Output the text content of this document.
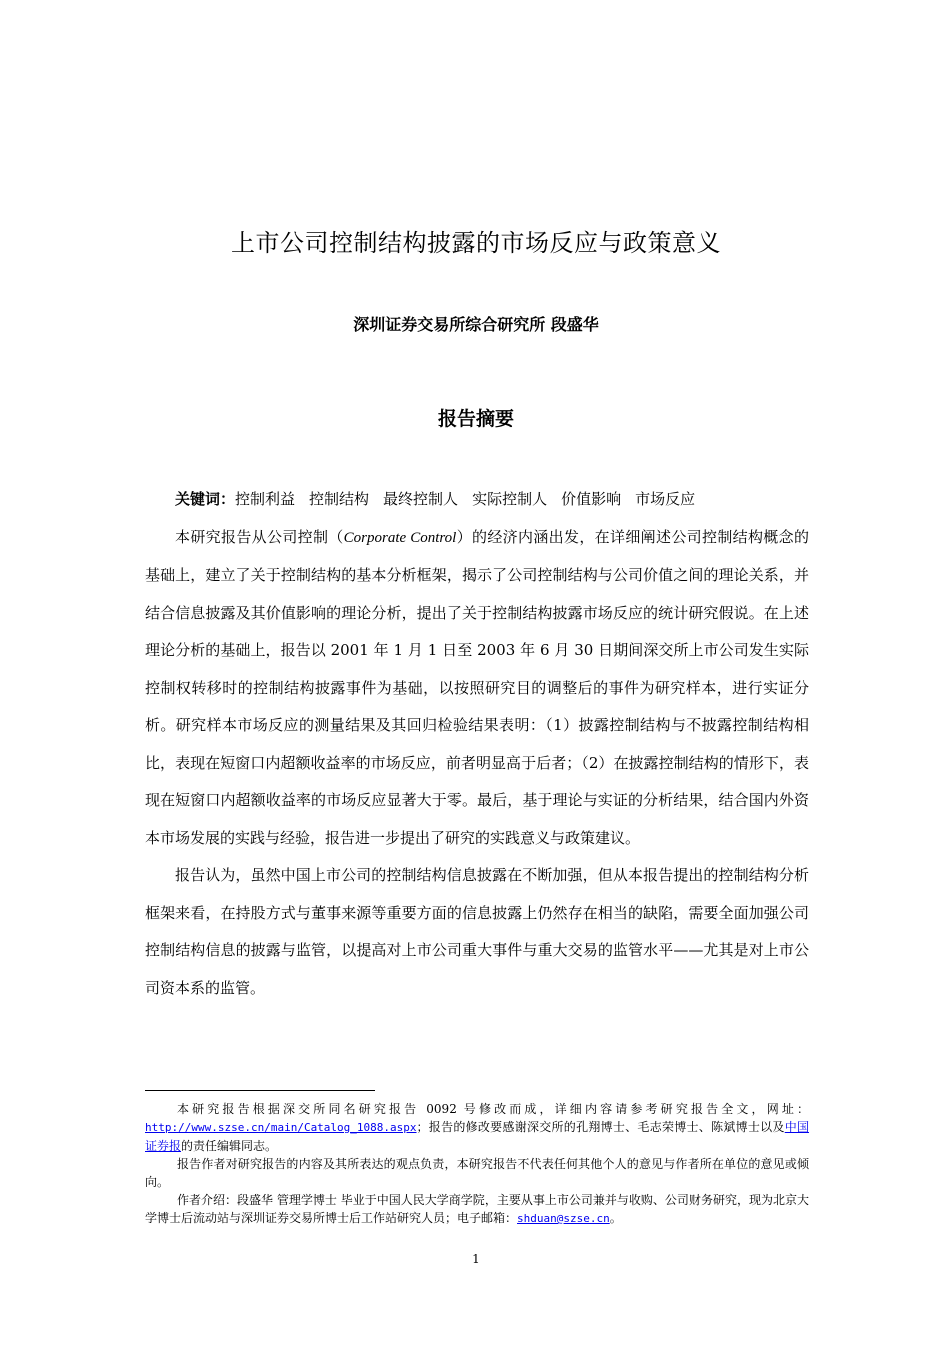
上市公司控制结构披露的市场反应与政策意义
深圳证券交易所综合研究所 段盛华
报告摘要

关键词：控制利益 控制结构 最终控制人 实际控制人 价值影响 市场反应

本研究报告从公司控制（Corporate Control）的经济内涵出发，在详细阐述公司控制结构概念的基础上，建立了关于控制结构的基本分析框架，揭示了公司控制结构与公司价值之间的理论关系，并结合信息披露及其价值影响的理论分析，提出了关于控制结构披露市场反应的统计研究假说。在上述理论分析的基础上，报告以 2001 年 1 月 1 日至 2003 年 6 月 30 日期间深交所上市公司发生实际控制权转移时的控制结构披露事件为基础，以按照研究目的调整后的事件为研究样本，进行实证分析。研究样本市场反应的测量结果及其回归检验结果表明：（1）披露控制结构与不披露控制结构相比，表现在短窗口内超额收益率的市场反应，前者明显高于后者；（2）在披露控制结构的情形下，表现在短窗口内超额收益率的市场反应显著大于零。最后，基于理论与实证的分析结果，结合国内外资本市场发展的实践与经验，报告进一步提出了研究的实践意义与政策建议。

报告认为，虽然中国上市公司的控制结构信息披露在不断加强，但从本报告提出的控制结构分析框架来看，在持股方式与董事来源等重要方面的信息披露上仍然存在相当的缺陷，需要全面加强公司控制结构信息的披露与监管，以提高对上市公司重大事件与重大交易的监管水平——尤其是对上市公司资本系的监管。

本研究报告根据深交所同名研究报告 0092 号修改而成，详细内容请参考研究报告全文，网址：http://www.szse.cn/main/Catalog_1088.aspx；报告的修改要感谢深交所的孔翔博士、毛志荣博士、陈斌博士以及中国证券报的责任编辑同志。

报告作者对研究报告的内容及其所表达的观点负责，本研究报告不代表任何其他个人的意见与作者所在单位的意见或倾向。

作者介绍：段盛华 管理学博士 毕业于中国人民大学商学院，主要从事上市公司兼并与收购、公司财务研究，现为北京大学博士后流动站与深圳证券交易所博士后工作站研究人员；电子邮箱：shduan@szse.cn。

1
